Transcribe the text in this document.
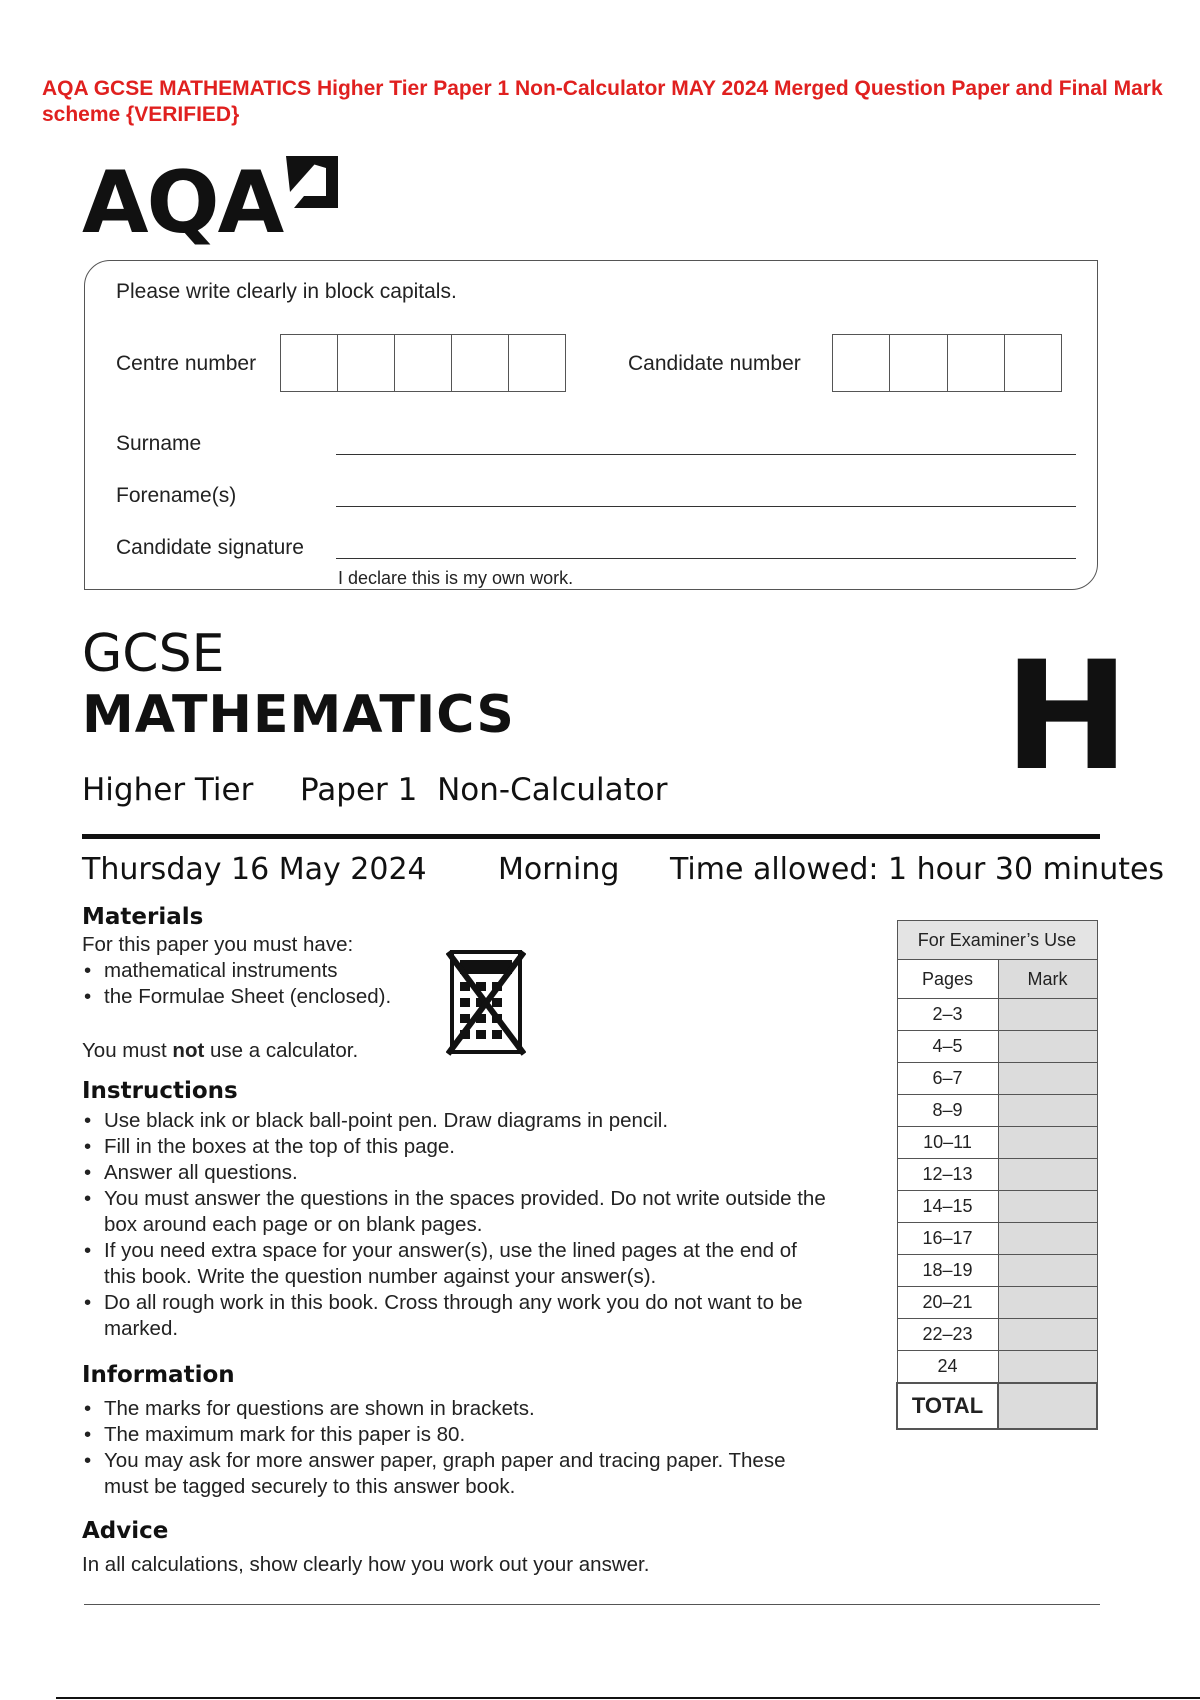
AQA GCSE MATHEMATICS Higher Tier Paper 1 Non-Calculator MAY 2024 Merged Question Paper and Final Mark scheme {VERIFIED}
AQA
Please write clearly in block capitals.
Centre number	Candidate number
Surname
Forename(s)
Candidate signature
I declare this is my own work.
GCSE
MATHEMATICS	H
Higher Tier Paper 1  Non-Calculator
Thursday 16 May 2024 Morning Time allowed: 1 hour 30 minutes
Materials
For this paper you must have:
• mathematical instruments
• the Formulae Sheet (enclosed).
You must not use a calculator.
Instructions
• Use black ink or black ball-point pen. Draw diagrams in pencil.
• Fill in the boxes at the top of this page.
• Answer all questions.
• You must answer the questions in the spaces provided. Do not write outside the box around each page or on blank pages.
• If you need extra space for your answer(s), use the lined pages at the end of this book. Write the question number against your answer(s).
• Do all rough work in this book. Cross through any work you do not want to be marked.
Information
• The marks for questions are shown in brackets.
• The maximum mark for this paper is 80.
• You may ask for more answer paper, graph paper and tracing paper. These must be tagged securely to this answer book.
Advice
In all calculations, show clearly how you work out your answer.
For Examiner’s Use	
Pages	Mark
2–3	
4–5	
6–7	
8–9	
10–11	
12–13	
14–15	
16–17	
18–19	
20–21	
22–23	
24	
TOTAL	
